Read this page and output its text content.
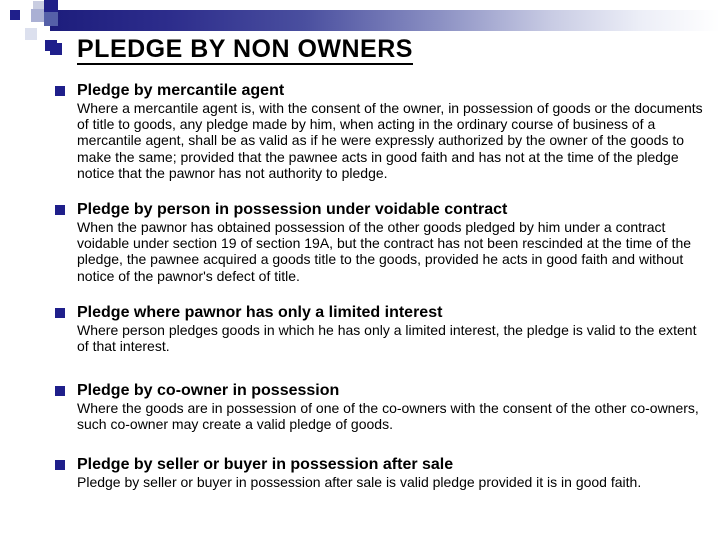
PLEDGE BY NON OWNERS
Pledge by mercantile agent

Where a mercantile agent is, with the consent of the owner, in possession of goods or the documents of title to goods, any pledge made by him, when acting in the ordinary course of business of a mercantile agent, shall be as valid as if he were expressly authorized by the owner of the goods to make the same; provided that the pawnee acts in good faith and has not at the time of the pledge notice that the pawnor has not authority to pledge.

Pledge by person in possession under voidable contract

When the pawnor has obtained possession of the other goods pledged by him under a contract voidable under section 19 of section 19A, but the contract has not been rescinded at the time of the pledge, the pawnee acquired a goods title to the goods, provided he acts in good faith and without notice of the pawnor's defect of title.

Pledge where pawnor has only a limited interest

Where person pledges goods in which he has only a limited interest, the pledge is valid to the extent of that interest.

Pledge by co-owner in possession

Where the goods are in possession of one of the co-owners with the consent of the other co-owners, such co-owner may create a valid pledge of goods.

Pledge by seller or buyer in possession after sale

Pledge by seller or buyer in possession after sale is valid pledge provided it is in good faith.
